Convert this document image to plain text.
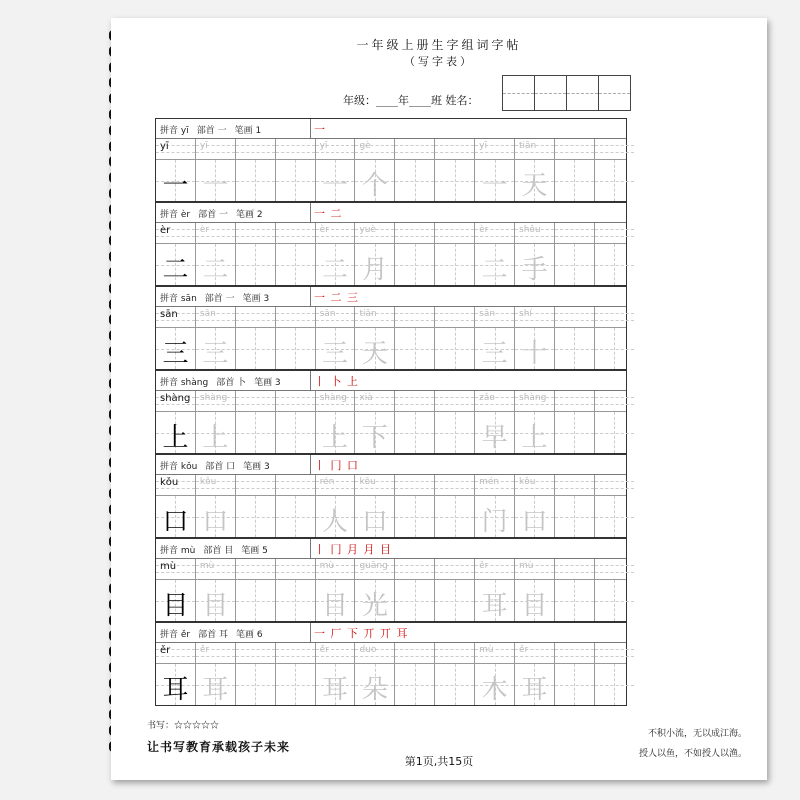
一年级上册生字组词字帖
（写字表）
年级：____年____班 姓名：
拼音 yī 部首 一 笔画 1	一
yī	yī	yī	gè	yī	tiān
一 一	一 个	一 天
拼音 èr 部首 一 笔画 2	一 二
èr	èr	èr	yuè	èr	shǒu
二 二	二 月	二 手
拼音 sān 部首 一 笔画 3	一 二 三
sān sān	sān	tiān	sān	shí
三 三	三 天	三 十
拼音 shàng 部首 卜 笔画 3	丨 卜 上
shàng shàng	shàng xià	zǎo	shàng
上 上	上 下	早 上
拼音 kǒu 部首 口 笔画 3	丨 冂 口
kǒu kǒu	rén	kǒu	mén kǒu
口 口	人 口	门 口
拼音 mù 部首 目 笔画 5	丨 冂 月 月 目
mù	mù	mù	guāng	ěr	mù
目 目	目 光	耳 目
拼音 ěr 部首 耳 笔画 6	一 厂 下 丌 丌 耳
ěr	ěr	ěr	duo	mù	ěr
耳 耳	耳 朵	木 耳
书写：☆☆☆☆☆
让书写教育承载孩子未来
第1页,共15页
不积小流，无以成江海。
授人以鱼，不如授人以渔。
